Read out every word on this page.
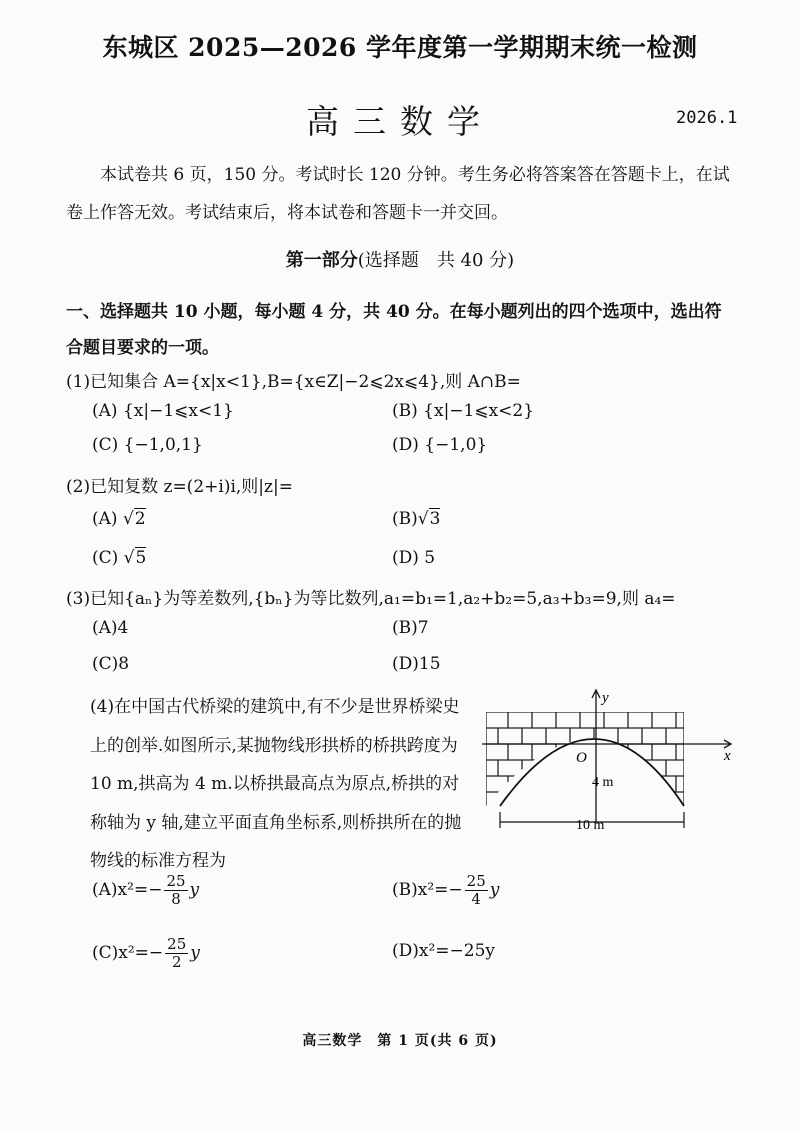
东城区 2025—2026 学年度第一学期期末统一检测
高三数学	2026.1
本试卷共 6 页，150 分。考试时长 120 分钟。考生务必将答案答在答题卡上，在试卷上作答无效。考试结束后，将本试卷和答题卡一并交回。
第一部分(选择题　共 40 分)
一、选择题共 10 小题，每小题 4 分，共 40 分。在每小题列出的四个选项中，选出符合题目要求的一项。
(1)已知集合 A={x|x<1},B={x∈Z|−2⩽2x⩽4},则 A∩B=
(A) {x|−1⩽x<1}	(B) {x|−1⩽x<2}
(C) {−1,0,1}	(D) {−1,0}
(2)已知复数 z=(2+i)i,则|z|=
(A) √2	(B)√3
(C) √5	(D) 5
(3)已知{aₙ}为等差数列,{bₙ}为等比数列,a₁=b₁=1,a₂+b₂=5,a₃+b₃=9,则 a₄=
(A)4	(B)7
(C)8	(D)15
(4)在中国古代桥梁的建筑中,有不少是世界桥梁史上的创举.如图所示,某抛物线形拱桥的桥拱跨度为 10 m,拱高为 4 m.以桥拱最高点为原点,桥拱的对称轴为 y 轴,建立平面直角坐标系,则桥拱所在的抛物线的标准方程为
y
x
O
4 m
10 m
$(A)x^2=- \frac{25}{8}$ y	$(B)x^2=- \frac{25}{4}$ y
$(C)x^2=- \frac{25}{2}$ y	(D)x²=−25y
高三数学　第 1 页(共 6 页)
